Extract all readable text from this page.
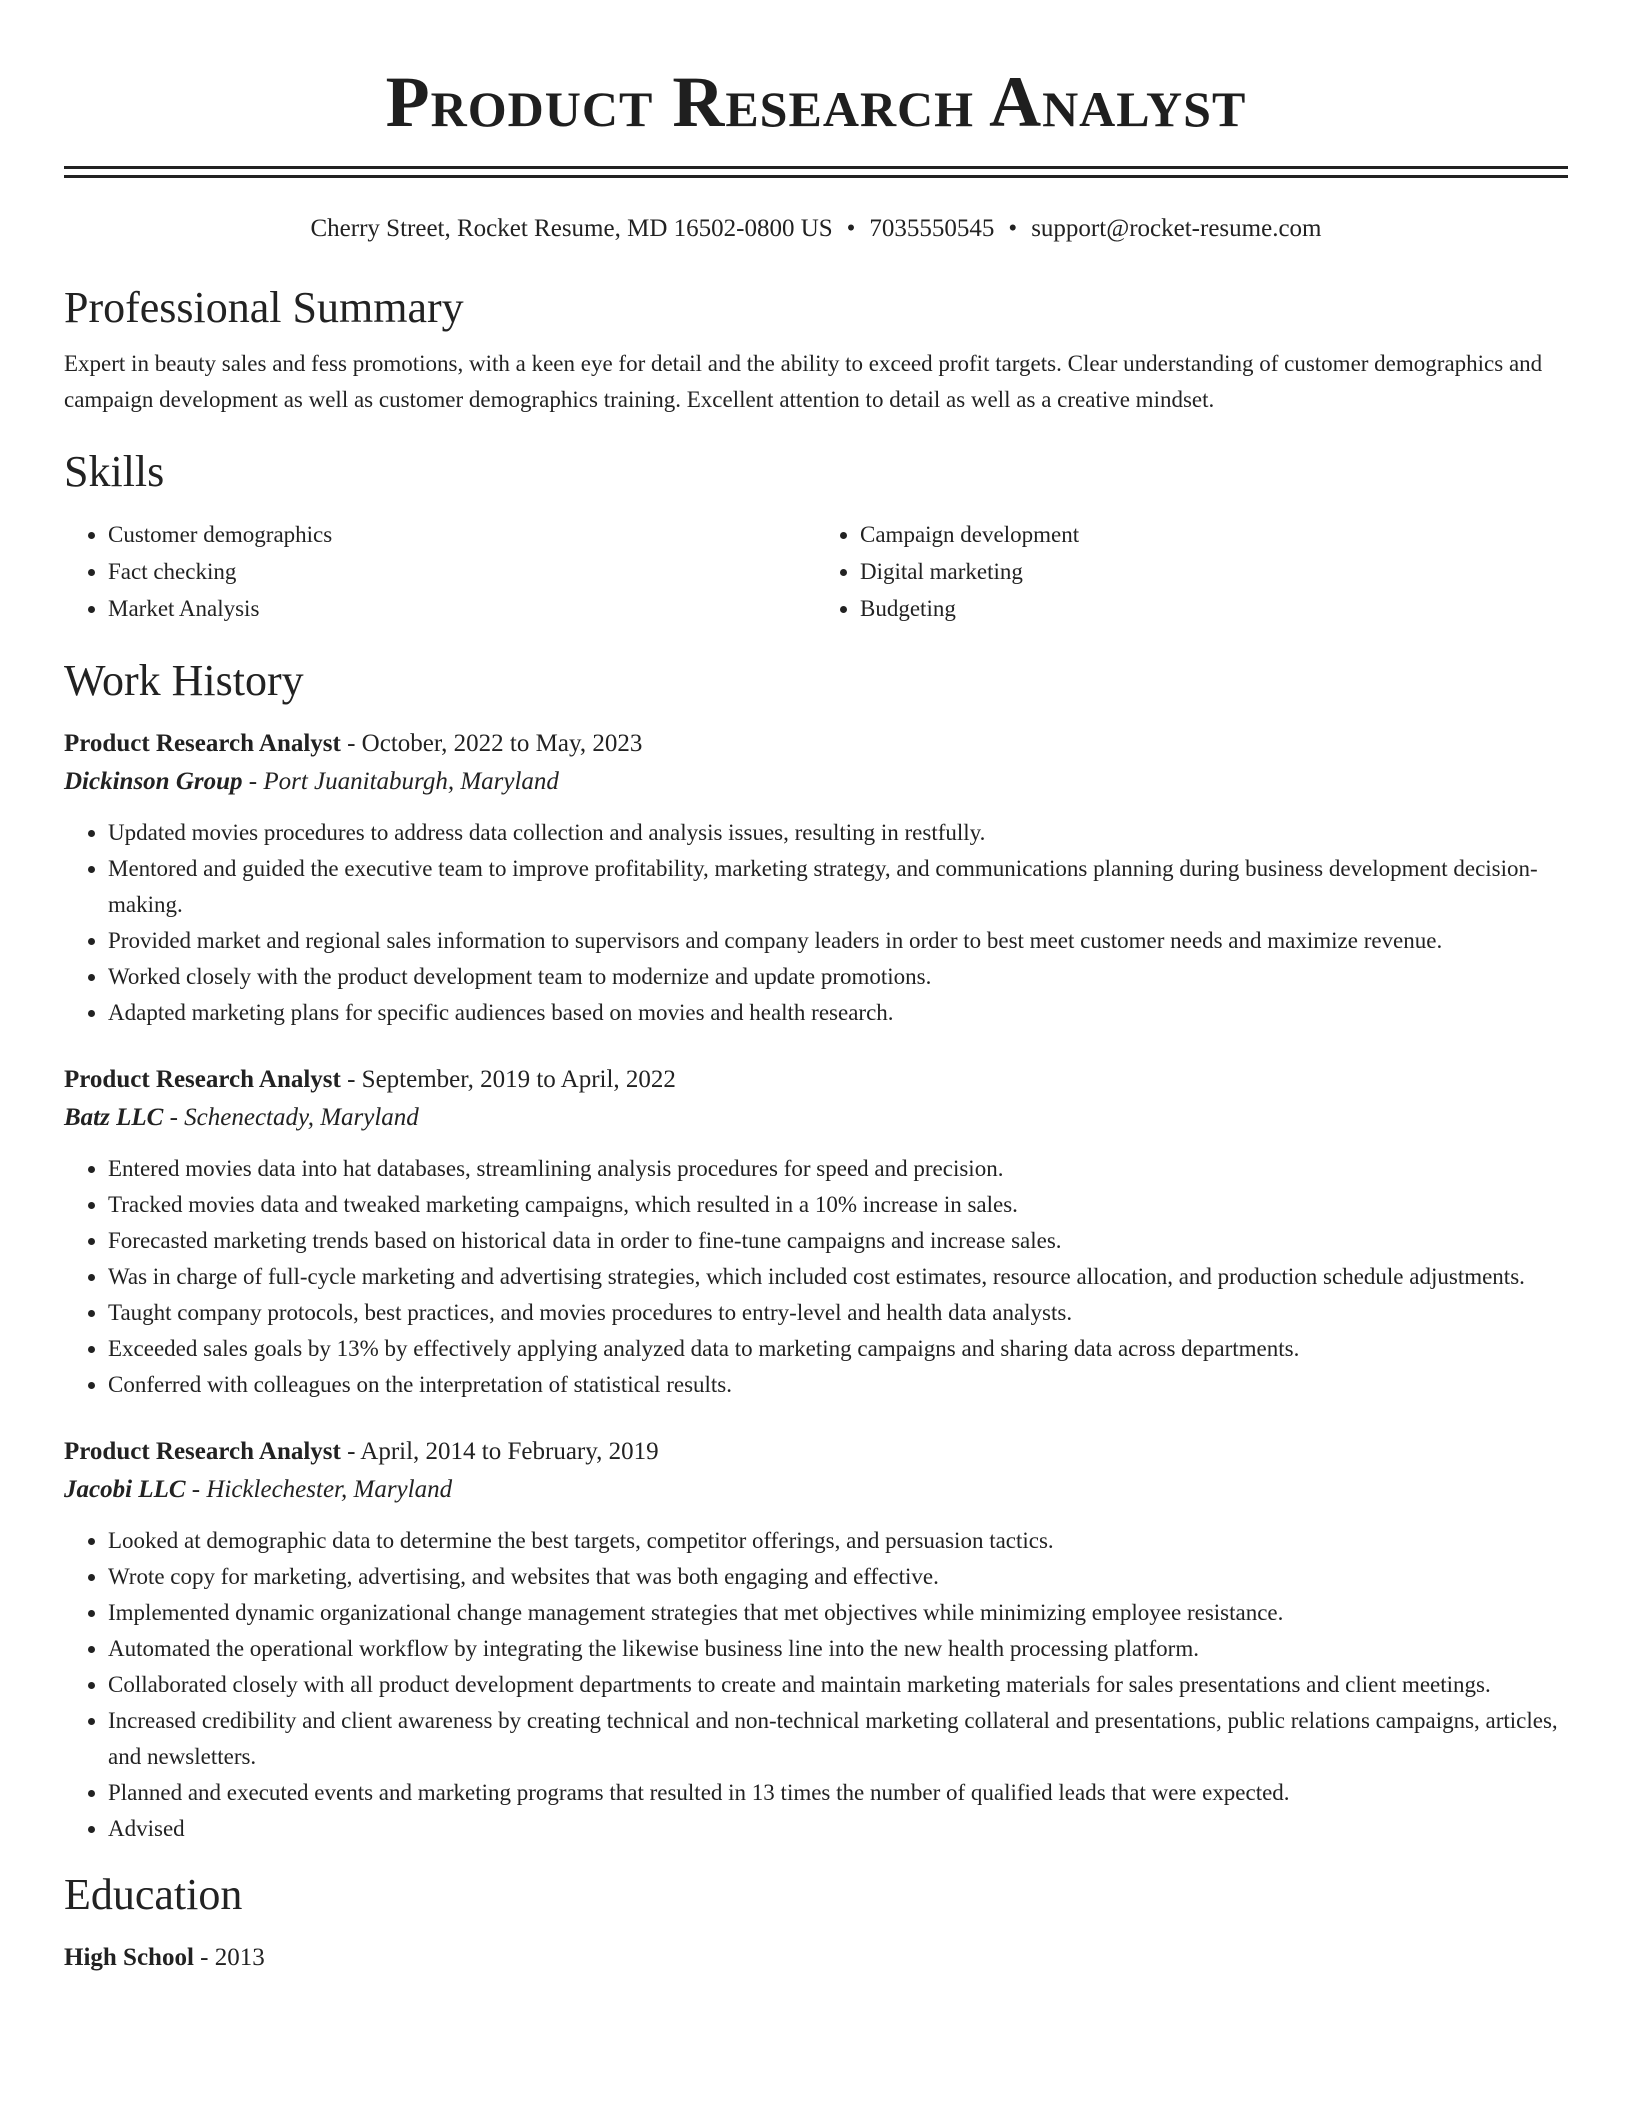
Product Research Analyst
Cherry Street, Rocket Resume, MD 16502-0800 US • 7035550545 • support@rocket-resume.com
Professional Summary

Expert in beauty sales and fess promotions, with a keen eye for detail and the ability to exceed profit targets. Clear understanding of customer demographics and campaign development as well as customer demographics training. Excellent attention to detail as well as a creative mindset.

Skills
• Customer demographics
• Fact checking
• Market Analysis
• Campaign development
• Digital marketing
• Budgeting
Work History

Product Research Analyst - October, 2022 to May, 2023

Dickinson Group - Port Juanitaburgh, Maryland

• Updated movies procedures to address data collection and analysis issues, resulting in restfully.
• Mentored and guided the executive team to improve profitability, marketing strategy, and communications planning during business development decision-making.
• Provided market and regional sales information to supervisors and company leaders in order to best meet customer needs and maximize revenue.
• Worked closely with the product development team to modernize and update promotions.
• Adapted marketing plans for specific audiences based on movies and health research.

Product Research Analyst - September, 2019 to April, 2022

Batz LLC - Schenectady, Maryland

• Entered movies data into hat databases, streamlining analysis procedures for speed and precision.
• Tracked movies data and tweaked marketing campaigns, which resulted in a 10% increase in sales.
• Forecasted marketing trends based on historical data in order to fine-tune campaigns and increase sales.
• Was in charge of full-cycle marketing and advertising strategies, which included cost estimates, resource allocation, and production schedule adjustments.
• Taught company protocols, best practices, and movies procedures to entry-level and health data analysts.
• Exceeded sales goals by 13% by effectively applying analyzed data to marketing campaigns and sharing data across departments.
• Conferred with colleagues on the interpretation of statistical results.

Product Research Analyst - April, 2014 to February, 2019

Jacobi LLC - Hicklechester, Maryland

• Looked at demographic data to determine the best targets, competitor offerings, and persuasion tactics.
• Wrote copy for marketing, advertising, and websites that was both engaging and effective.
• Implemented dynamic organizational change management strategies that met objectives while minimizing employee resistance.
• Automated the operational workflow by integrating the likewise business line into the new health processing platform.
• Collaborated closely with all product development departments to create and maintain marketing materials for sales presentations and client meetings.
• Increased credibility and client awareness by creating technical and non-technical marketing collateral and presentations, public relations campaigns, articles, and newsletters.
• Planned and executed events and marketing programs that resulted in 13 times the number of qualified leads that were expected.
• Advised
Education
High School - 2013
